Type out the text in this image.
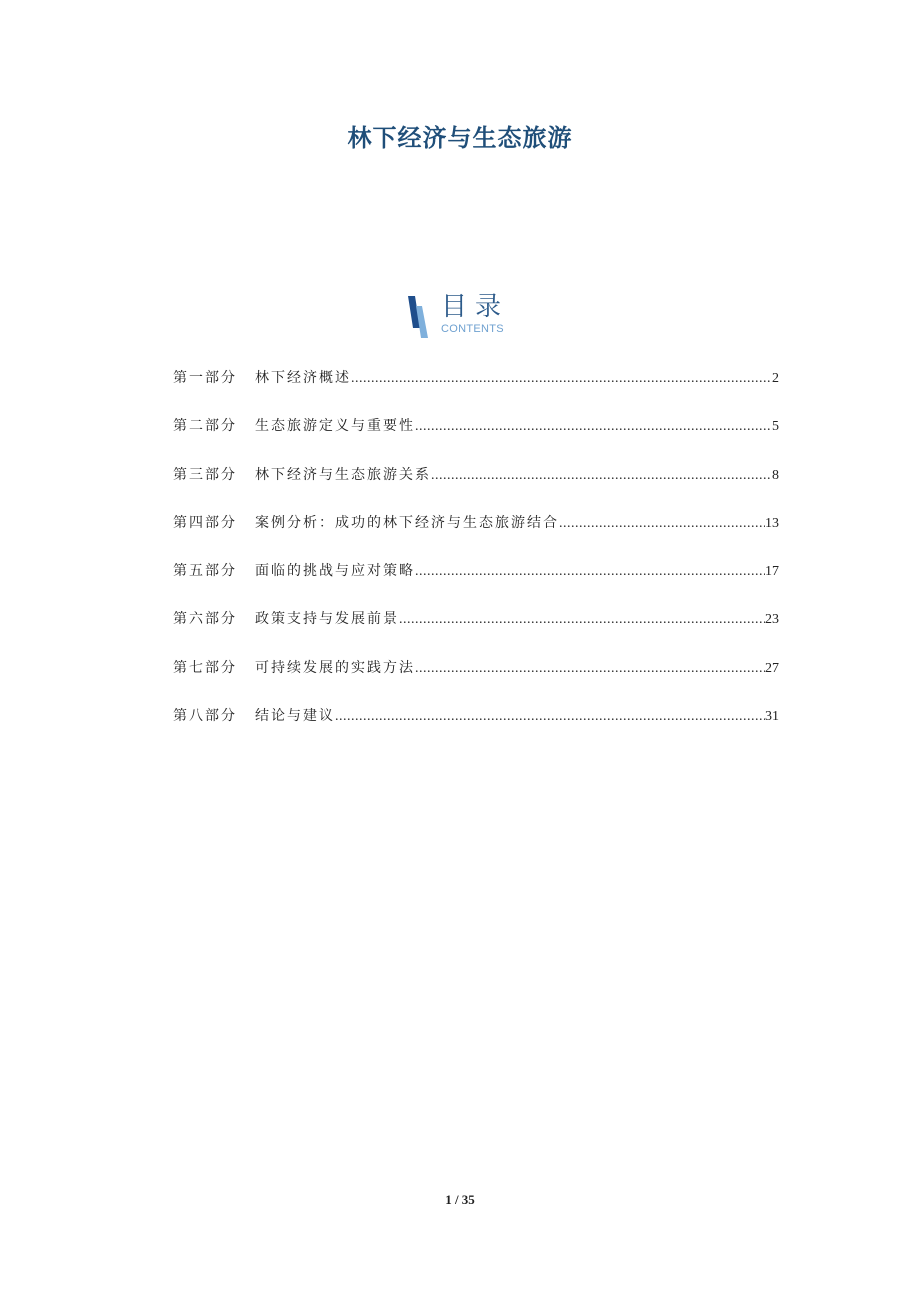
林下经济与生态旅游
目录
CONTENTS
第一部分	林下经济概述 .....	2
第二部分	生态旅游定义与重要性 .....	5
第三部分	林下经济与生态旅游关系 .....	8
第四部分	案例分析：成功的林下经济与生态旅游结合 .....	13
第五部分	面临的挑战与应对策略 .....	17
第六部分	政策支持与发展前景 .....	23
第七部分	可持续发展的实践方法 .....	27
第八部分	结论与建议 .....	31
1 / 35
